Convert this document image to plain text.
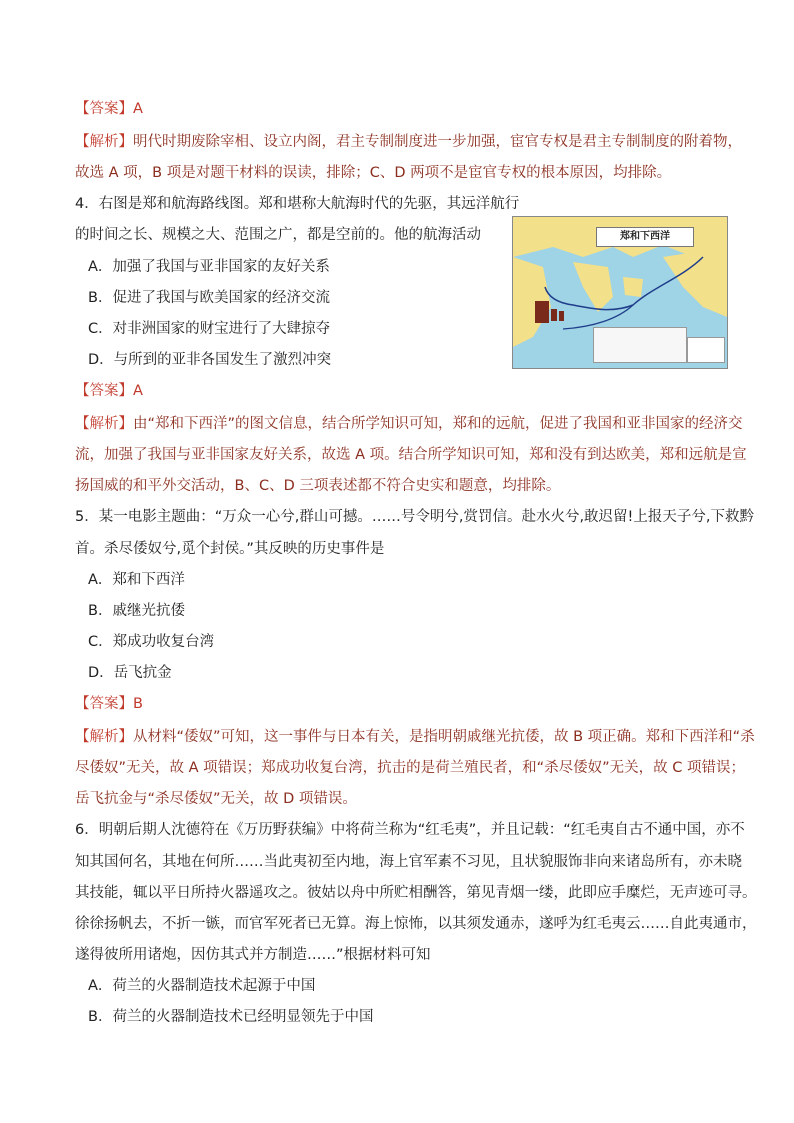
【答案】A
【解析】明代时期废除宰相、设立内阁，君主专制制度进一步加强，宦官专权是君主专制制度的附着物，
故选 A 项，B 项是对题干材料的误读，排除；C、D 两项不是宦官专权的根本原因，均排除。
4．右图是郑和航海路线图。郑和堪称大航海时代的先驱，其远洋航行
的时间之长、规模之大、范围之广，都是空前的。他的航海活动
A．加强了我国与亚非国家的友好关系
B．促进了我国与欧美国家的经济交流
C．对非洲国家的财宝进行了大肆掠夺
D．与所到的亚非各国发生了激烈冲突
郑和下西洋
【答案】A
【解析】由“郑和下西洋”的图文信息，结合所学知识可知，郑和的远航，促进了我国和亚非国家的经济交
流，加强了我国与亚非国家友好关系，故选 A 项。结合所学知识可知，郑和没有到达欧美，郑和远航是宣
扬国威的和平外交活动，B、C、D 三项表述都不符合史实和题意，均排除。
5．某一电影主题曲：“万众一心兮,群山可撼。……号令明兮,赏罚信。赴水火兮,敢迟留!上报天子兮,下救黔
首。杀尽倭奴兮,觅个封侯。”其反映的历史事件是
A．郑和下西洋
B．戚继光抗倭
C．郑成功收复台湾
D．岳飞抗金
【答案】B
【解析】从材料“倭奴”可知，这一事件与日本有关，是指明朝戚继光抗倭，故 B 项正确。郑和下西洋和“杀
尽倭奴”无关，故 A 项错误；郑成功收复台湾，抗击的是荷兰殖民者，和“杀尽倭奴”无关，故 C 项错误；
岳飞抗金与“杀尽倭奴”无关，故 D 项错误。
6．明朝后期人沈德符在《万历野获编》中将荷兰称为“红毛夷”，并且记载：“红毛夷自古不通中国，亦不
知其国何名，其地在何所……当此夷初至内地，海上官军素不习见，且状貌服饰非向来诸岛所有，亦未晓
其技能，辄以平日所持火器遥攻之。彼姑以舟中所贮相酬答，第见青烟一缕，此即应手糜烂，无声迹可寻。
徐徐扬帆去，不折一镞，而官军死者已无算。海上惊怖，以其须发通赤，遂呼为红毛夷云……自此夷通市，
遂得彼所用诸炮，因仿其式并方制造……”根据材料可知
A．荷兰的火器制造技术起源于中国
B．荷兰的火器制造技术已经明显领先于中国
